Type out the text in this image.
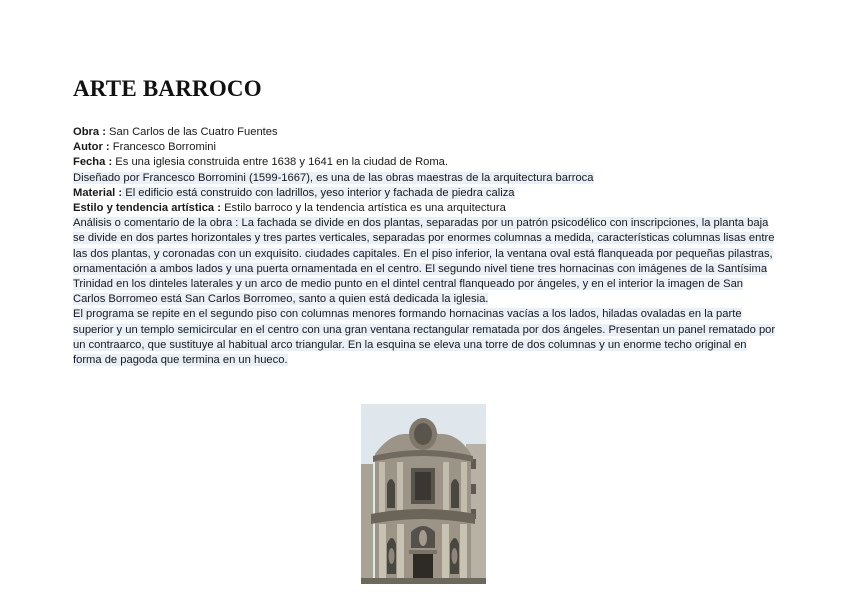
ARTE BARROCO

Obra : San Carlos de las Cuatro Fuentes

Autor : Francesco Borromini

Fecha : Es una iglesia construida entre 1638 y 1641 en la ciudad de Roma.

Diseñado por Francesco Borromini (1599-1667), es una de las obras maestras de la arquitectura barroca

Material : El edificio está construido con ladrillos, yeso interior y fachada de piedra caliza

Estilo y tendencia artística : Estilo barroco y la tendencia artística es una arquitectura

Análisis o comentario de la obra : La fachada se divide en dos plantas, separadas por un patrón psicodélico con inscripciones, la planta baja se divide en dos partes horizontales y tres partes verticales, separadas por enormes columnas a medida, características columnas lisas entre las dos plantas, y coronadas con un exquisito. ciudades capitales. En el piso inferior, la ventana oval está flanqueada por pequeñas pilastras, ornamentación a ambos lados y una puerta ornamentada en el centro. El segundo nivel tiene tres hornacinas con imágenes de la Santísima Trinidad en los dinteles laterales y un arco de medio punto en el dintel central flanqueado por ángeles, y en el interior la imagen de San Carlos Borromeo está San Carlos Borromeo, santo a quien está dedicada la iglesia.

El programa se repite en el segundo piso con columnas menores formando hornacinas vacías a los lados, hiladas ovaladas en la parte superior y un templo semicircular en el centro con una gran ventana rectangular rematada por dos ángeles. Presentan un panel rematado por un contraarco, que sustituye al habitual arco triangular. En la esquina se eleva una torre de dos columnas y un enorme techo original en forma de pagoda que termina en un hueco.
